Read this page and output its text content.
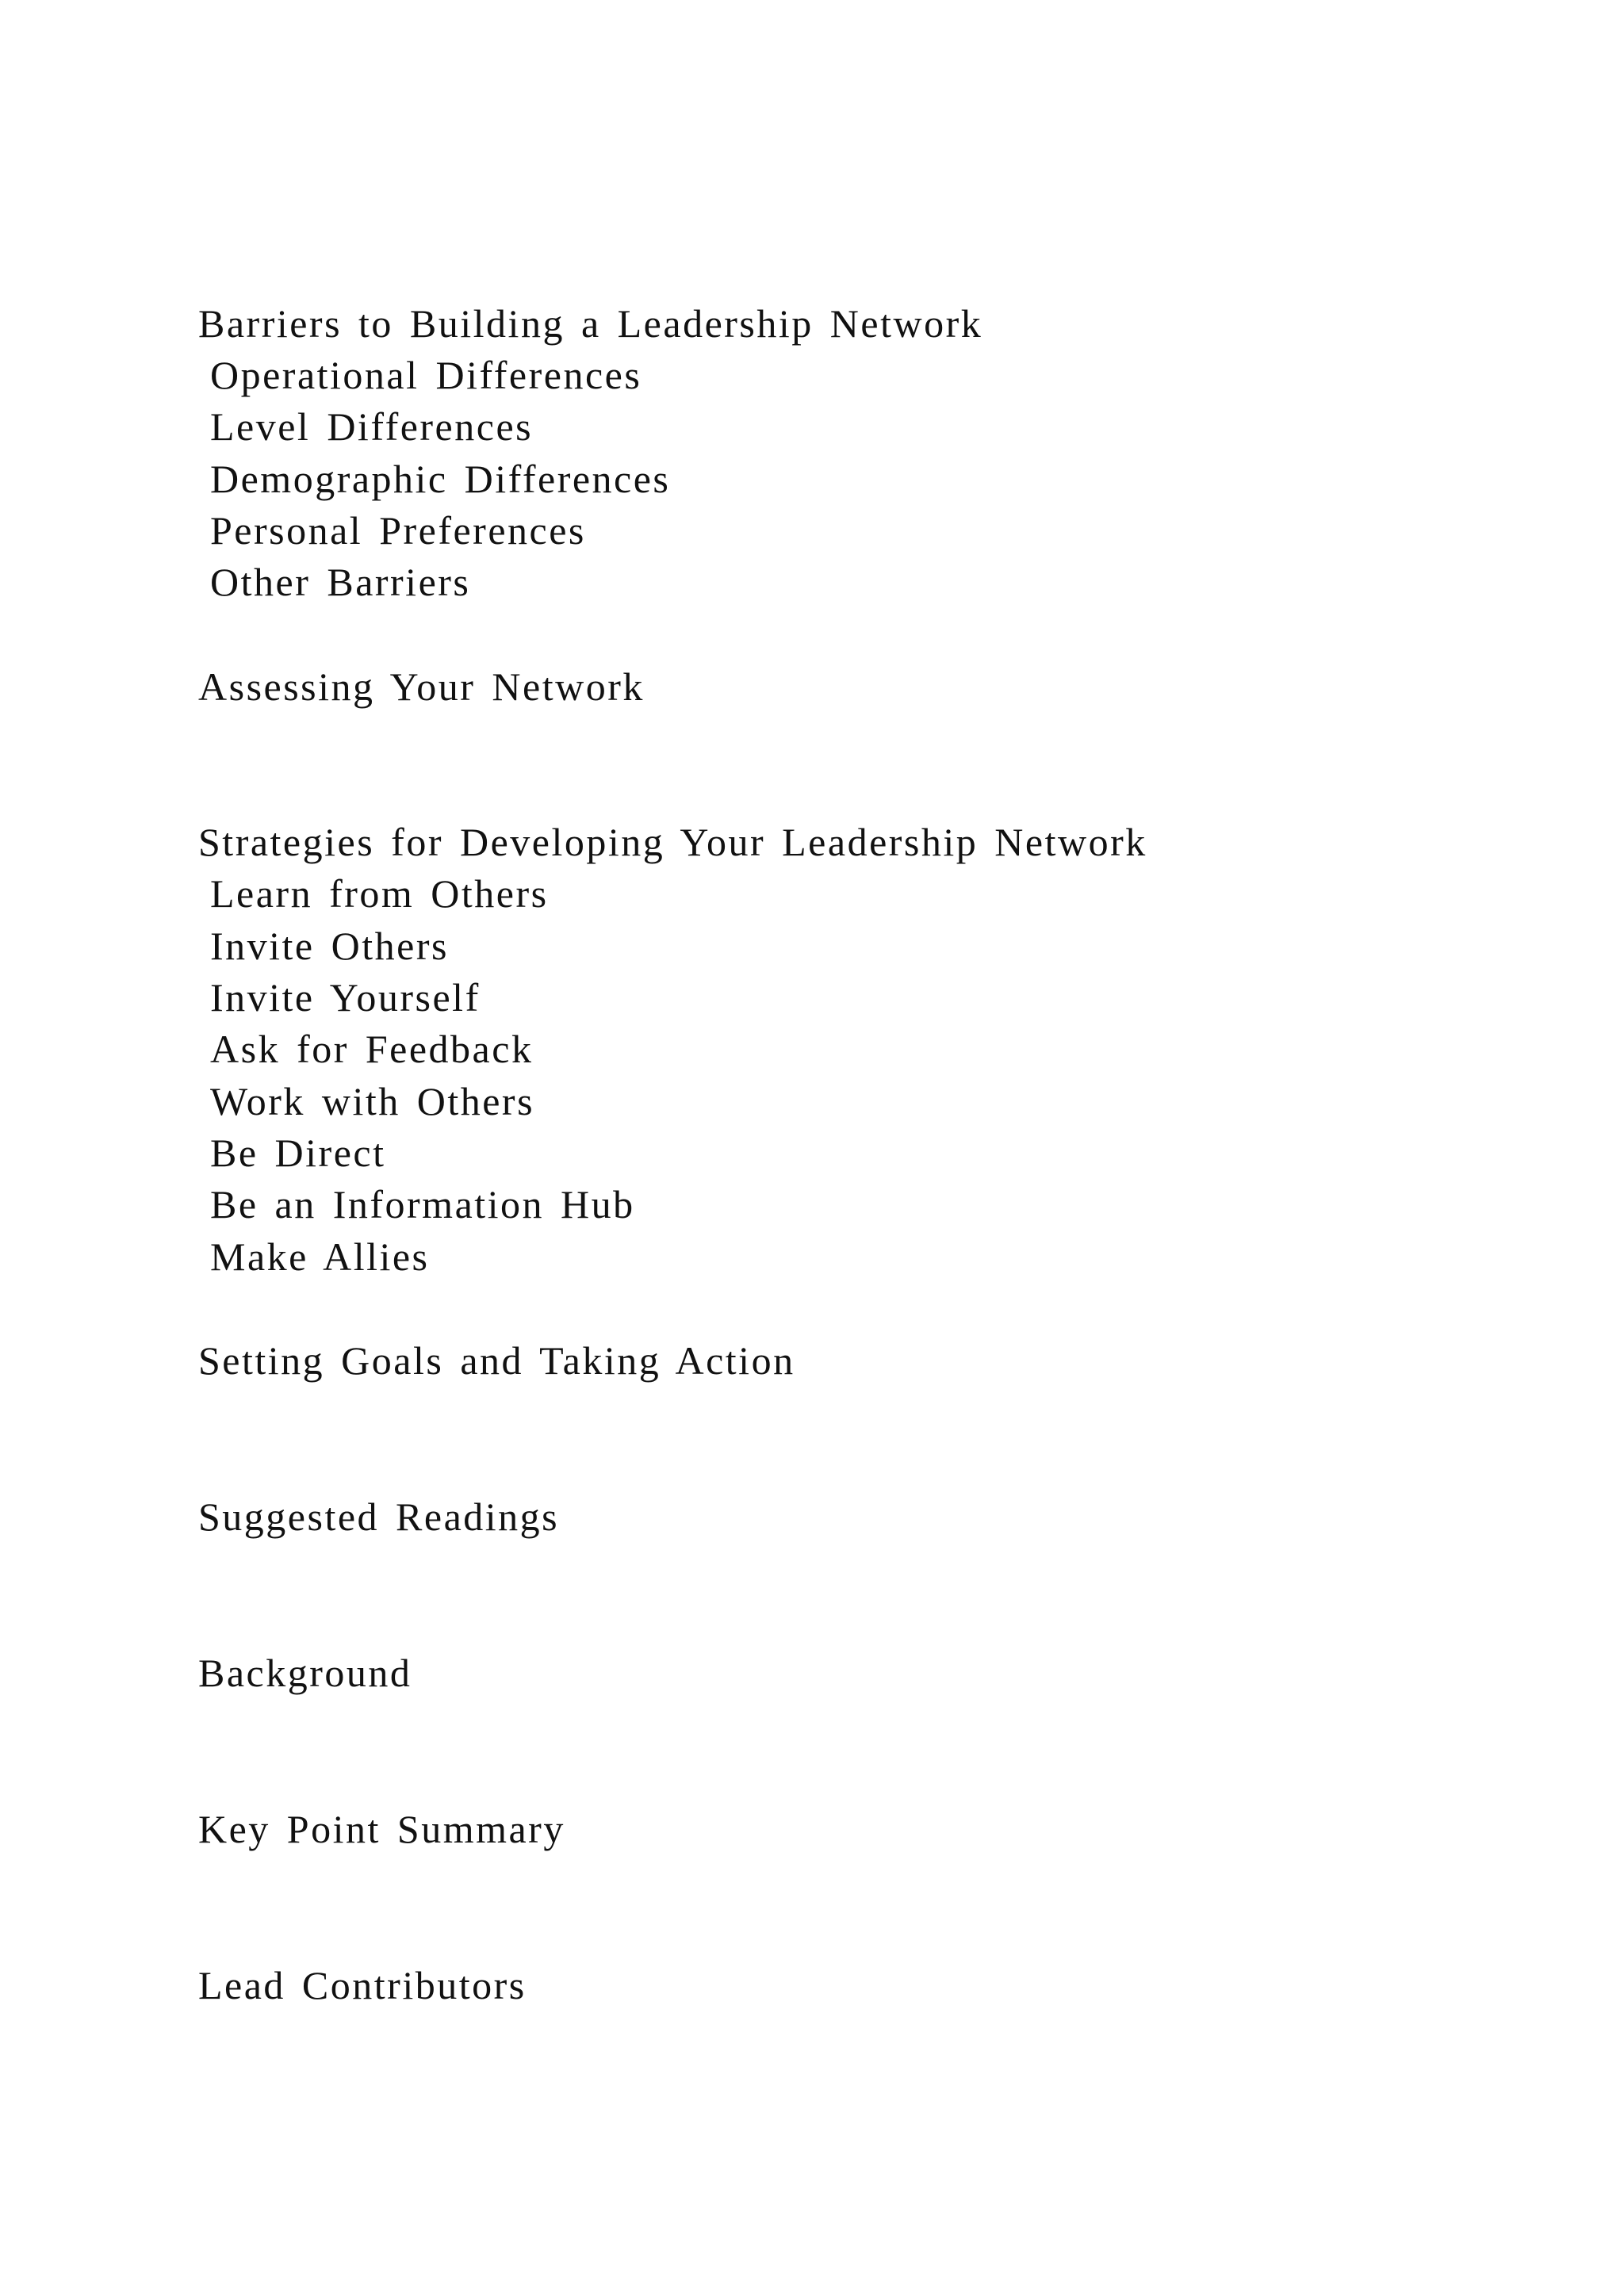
Barriers to Building a Leadership Network

Operational Differences

Level Differences

Demographic Differences

Personal Preferences

Other Barriers

Assessing Your Network

Strategies for Developing Your Leadership Network

Learn from Others

Invite Others

Invite Yourself

Ask for Feedback

Work with Others

Be Direct

Be an Information Hub

Make Allies

Setting Goals and Taking Action

Suggested Readings

Background

Key Point Summary

Lead Contributors
